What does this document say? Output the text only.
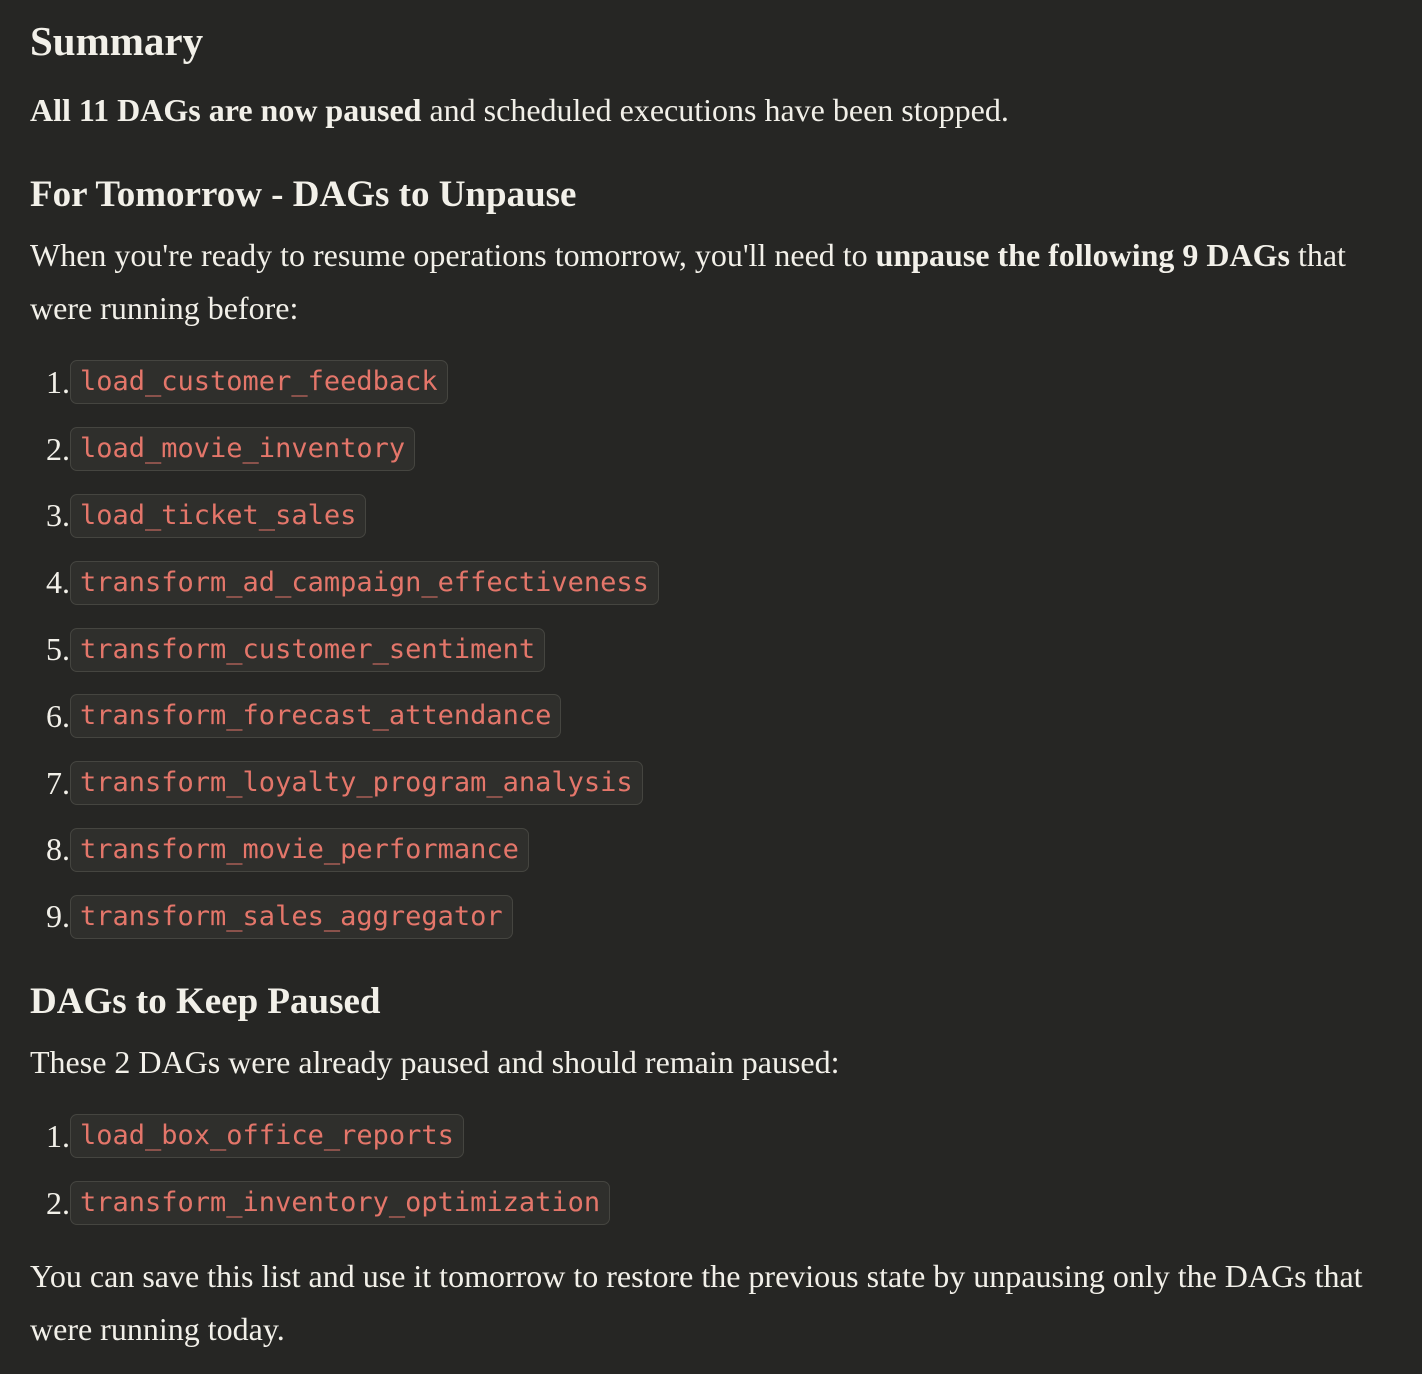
Summary

All 11 DAGs are now paused and scheduled executions have been stopped.

For Tomorrow - DAGs to Unpause

When you're ready to resume operations tomorrow, you'll need to unpause the following 9 DAGs that were running before:

1. load_customer_feedback
2. load_movie_inventory
3. load_ticket_sales
4. transform_ad_campaign_effectiveness
5. transform_customer_sentiment
6. transform_forecast_attendance
7. transform_loyalty_program_analysis
8. transform_movie_performance
9. transform_sales_aggregator
DAGs to Keep Paused

These 2 DAGs were already paused and should remain paused:

1. load_box_office_reports
2. transform_inventory_optimization

You can save this list and use it tomorrow to restore the previous state by unpausing only the DAGs that were running today.
